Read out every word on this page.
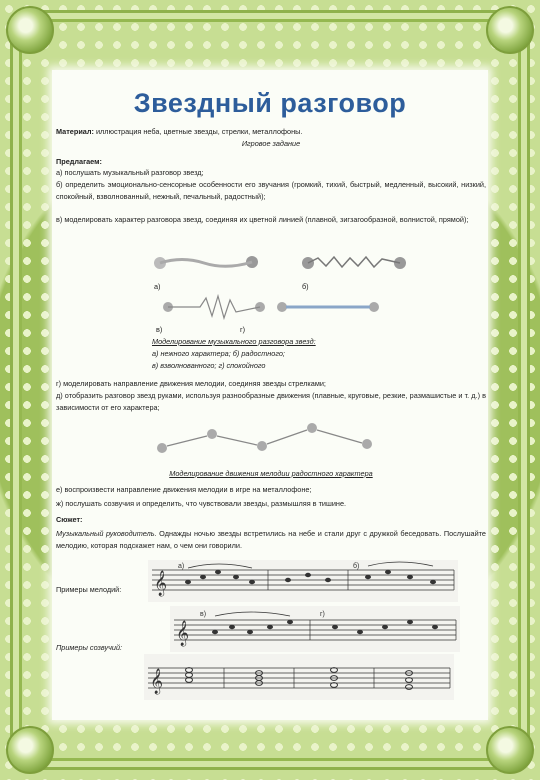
Звездный разговор
Материал: иллюстрация неба, цветные звезды, стрелки, металлофоны.
Игровое задание
Предлагаем:
а) послушать музыкальный разговор звезд;
б) определить эмоционально-сенсорные особенности его звучания (громкий, тихий, быстрый, медленный, высокий, низкий, спокойный, взволнованный, нежный, печальный, радостный);
в) моделировать характер разговора звезд, соединяя их цветной линией (плавной, зигзагообразной, волнистой, прямой);
а)	б)
в)	г)
Моделирование музыкального разговора звезд:
а) нежного характера; б) радостного;
в) взволнованного; г) спокойного
г) моделировать направление движения мелодии, соединяя звезды стрелками;
д) отобразить разговор звезд руками, используя разнообразные движения (плавные, круговые, резкие, размашистые и т. д.) в зависимости от его характера;
Моделирование движения мелодии радостного характера
е) воспроизвести направление движения мелодии в игре на металлофоне;
ж) послушать созвучия и определить, что чувствовали звезды, размышляя в тишине.
Сюжет:
Музыкальный руководитель. Однажды ночью звезды встретились на небе и стали друг с дружкой беседовать. Послушайте мелодию, которая подскажет нам, о чем они говорили.
Примеры мелодий:	𝄞
а)	б)
𝄞
в)	г)
Примеры созвучий:
𝄞
